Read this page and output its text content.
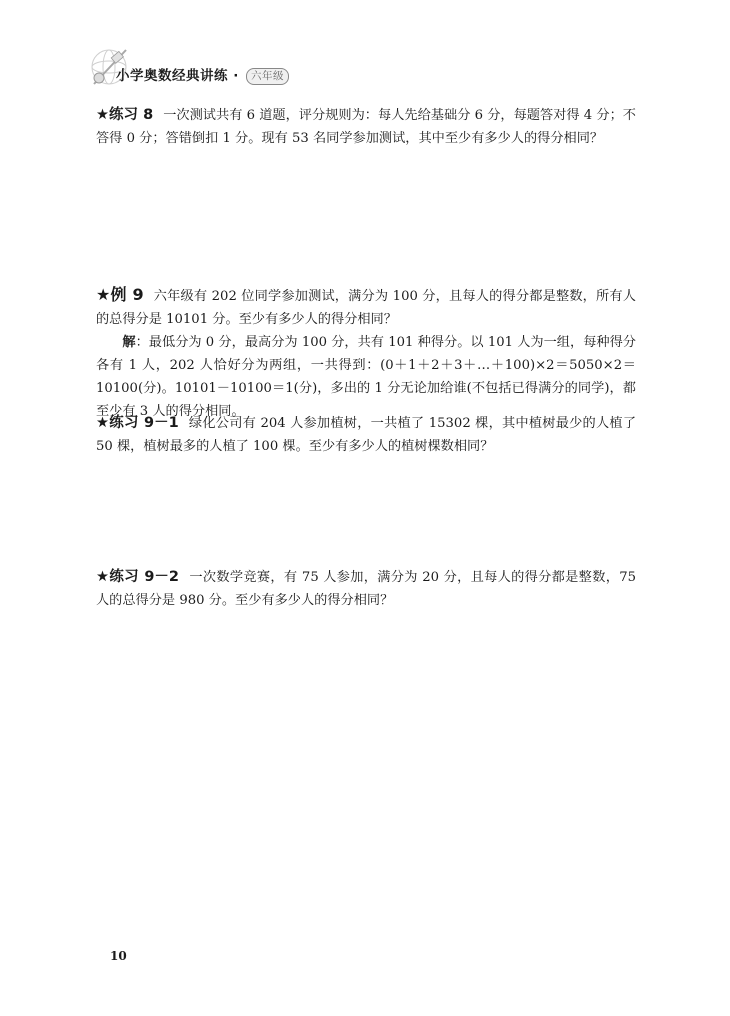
小学奥数经典讲练 · 六年级

★练习 8 一次测试共有 6 道题，评分规则为：每人先给基础分 6 分，每题答对得 4 分；不答得 0 分；答错倒扣 1 分。现有 53 名同学参加测试，其中至少有多少人的得分相同？

★例 9 六年级有 202 位同学参加测试，满分为 100 分，且每人的得分都是整数，所有人的总得分是 10101 分。至少有多少人的得分相同？

解：最低分为 0 分，最高分为 100 分，共有 101 种得分。以 101 人为一组，每种得分各有 1 人，202 人恰好分为两组，一共得到：(0＋1＋2＋3＋…＋100)×2＝5050×2＝10100(分)。10101－10100＝1(分)，多出的 1 分无论加给谁(不包括已得满分的同学)，都至少有 3 人的得分相同。

★练习 9－1 绿化公司有 204 人参加植树，一共植了 15302 棵，其中植树最少的人植了 50 棵，植树最多的人植了 100 棵。至少有多少人的植树棵数相同？

★练习 9－2 一次数学竞赛，有 75 人参加，满分为 20 分，且每人的得分都是整数，75 人的总得分是 980 分。至少有多少人的得分相同？

10
